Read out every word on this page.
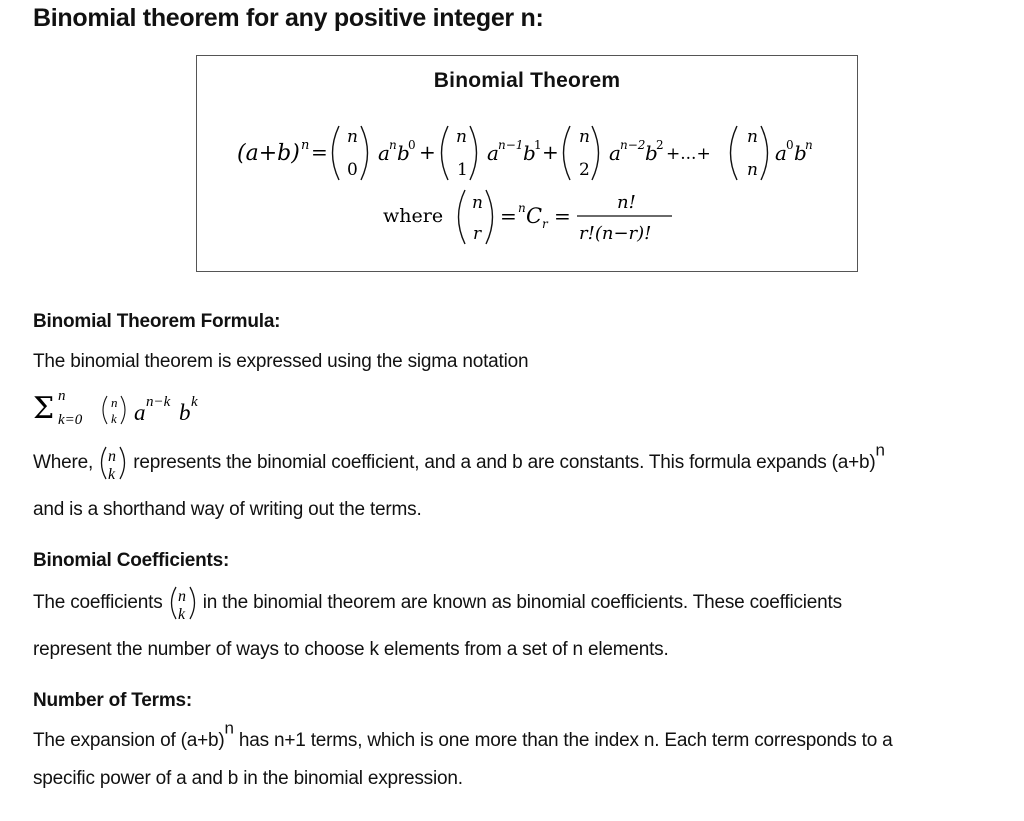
Binomial theorem for any positive integer n:
Binomial Theorem
(a+b) n =
n
0
a n b
0 +
n
1
a n−1 b
1 +
n
2
a n−2 b
2 +...+
n
n
a 0 b
n
where
n
r
= n C r =
n!
r!(n−r)!
Binomial Theorem Formula:

The binomial theorem is expressed using the sigma notation

Σ n
k=0
n
k a n−k b k

Where, n
k
represents the binomial coefficient, and a and b are constants. This formula expands $(a+b)^n$

and is a shorthand way of writing out the terms.

Binomial Coefficients:

The coefficients n
k
in the binomial theorem are known as binomial coefficients. These coefficients

represent the number of ways to choose k elements from a set of n elements.

Number of Terms:

The expansion of $(a+b)^n$ has n+1 terms, which is one more than the index n. Each term corresponds to a

specific power of a and b in the binomial expression.
